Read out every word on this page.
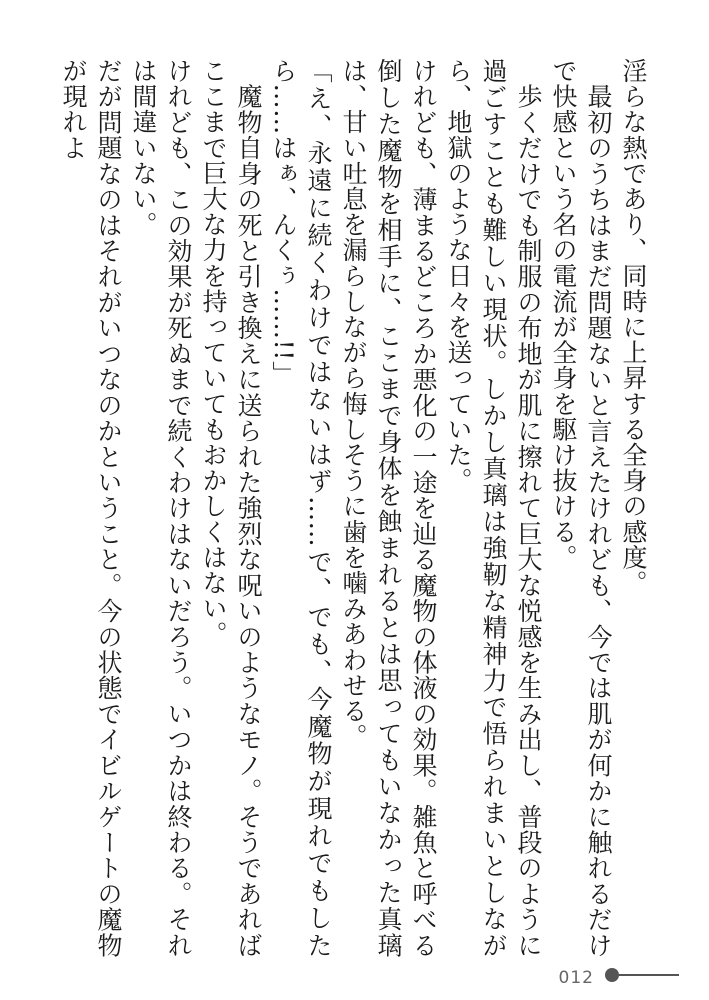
淫らな熱であり、同時に上昇する全身の感度。

　最初のうちはまだ問題ないと言えたけれども、今では肌が何かに触れるだけで快感という名の電流が全身を駆け抜ける。

　歩くだけでも制服の布地が肌に擦れて巨大な悦感を生み出し、普段のように過ごすことも難しい現状。しかし真璃は強靭な精神力で悟られまいとしながら、地獄のような日々を送っていた。

けれども、薄まるどころか悪化の一途を辿る魔物の体液の効果。雑魚と呼べる倒した魔物を相手に、ここまで身体を蝕まれるとは思ってもいなかった真璃は、甘い吐息を漏らしながら悔しそうに歯を噛みあわせる。

「え、永遠に続くわけではないはず……で、でも、今魔物が現れでもしたら……はぁ、んくぅ……!!」

　魔物自身の死と引き換えに送られた強烈な呪いのようなモノ。そうであればここまで巨大な力を持っていてもおかしくはない。

けれども、この効果が死ぬまで続くわけはないだろう。いつかは終わる。それは間違いない。

だが問題なのはそれがいつなのかということ。今の状態でイビルゲートの魔物が現れよ

012
